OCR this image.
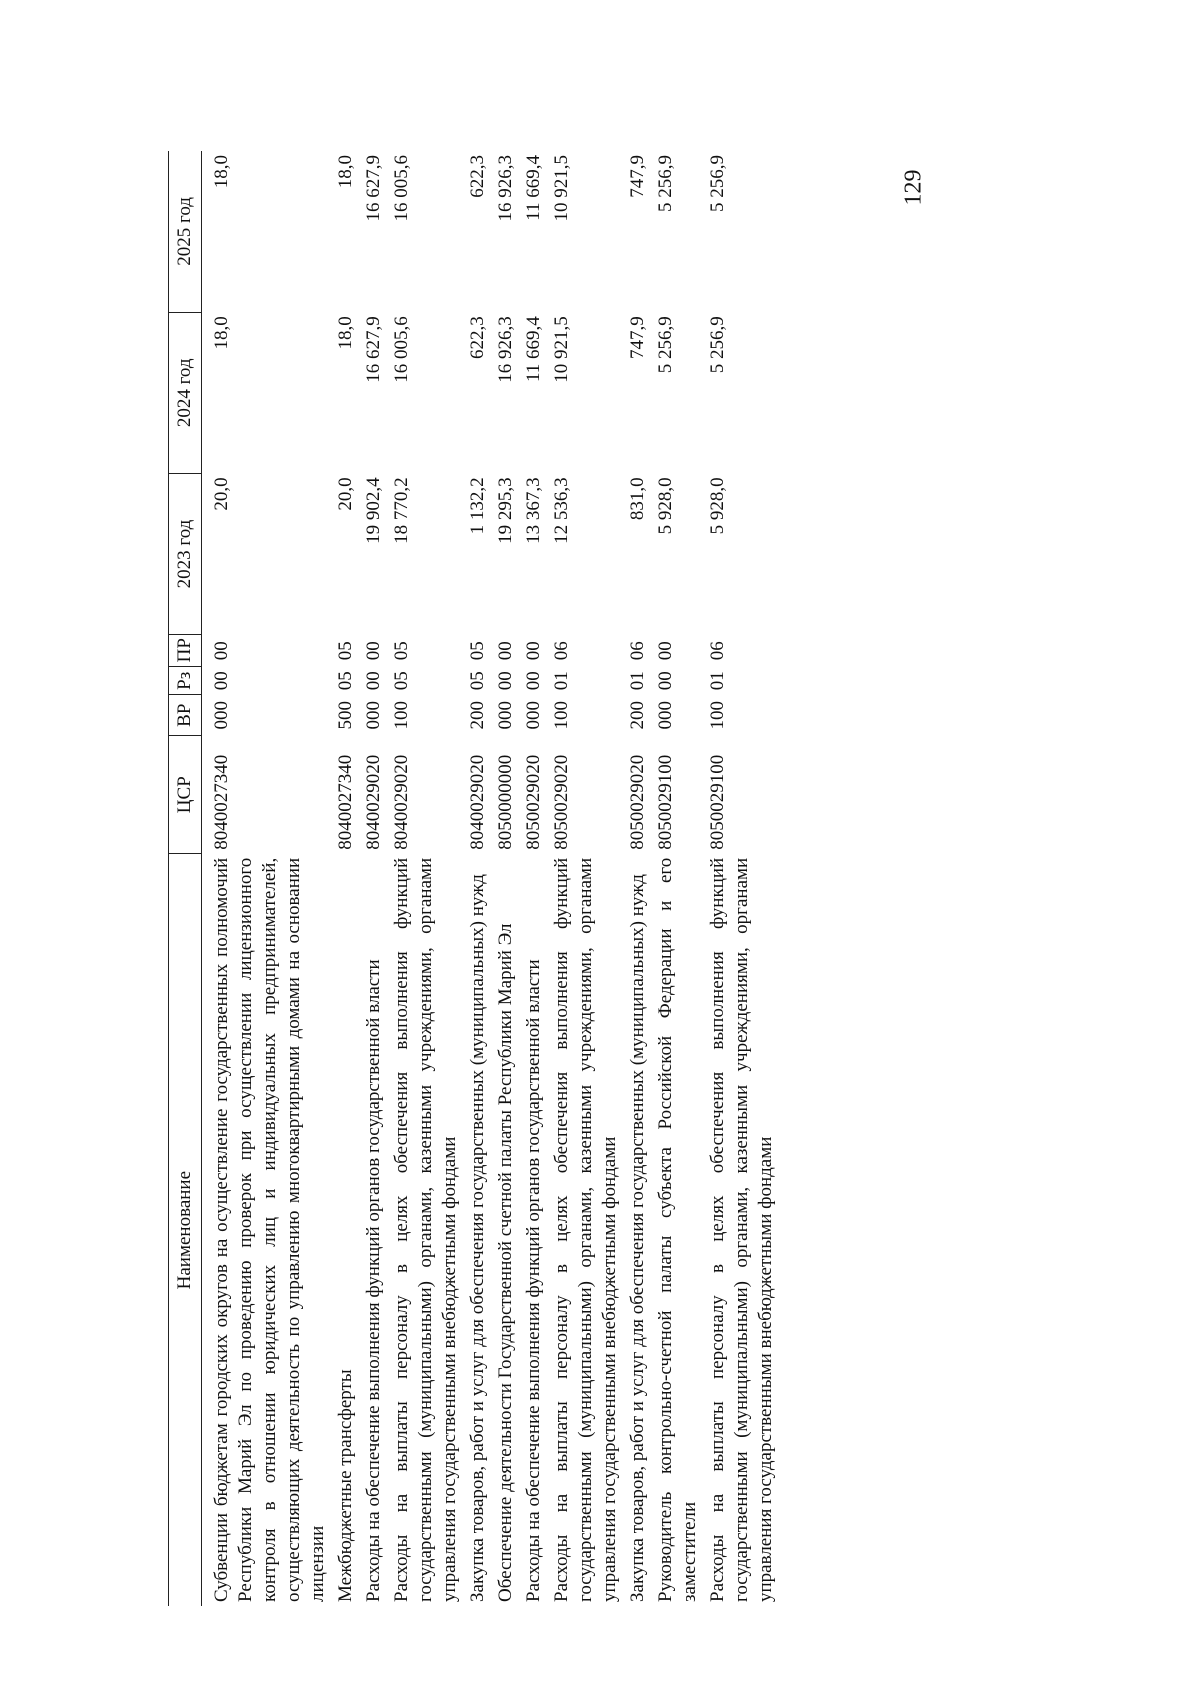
129
Наименование	ЦСР	ВР	Рз	ПР	2023 год	2024 год	2025 год

Субвенции бюджетам городских округов на осуществление государственных полномочий Республики Марий Эл по проведению проверок при осуществлении лицензионного контроля в отношении юридических лиц и индивидуальных предпринимателей, осуществляющих деятельность по управлению многоквартирными домами на основании лицензии	8040027340	000	00	00	20,0	18,0	18,0
Межбюджетные трансферты	8040027340	500	05	05	20,0	18,0	18,0
Расходы на обеспечение выполнения функций органов государственной власти	8040029020	000	00	00	19 902,4	16 627,9	16 627,9
Расходы на выплаты персоналу в целях обеспечения выполнения функций государственными (муниципальными) органами, казенными учреждениями, органами управления государственными внебюджетными фондами	8040029020	100	05	05	18 770,2	16 005,6	16 005,6
Закупка товаров, работ и услуг для обеспечения государственных (муниципальных) нужд	8040029020	200	05	05	1 132,2	622,3	622,3
Обеспечение деятельности Государственной счетной палаты Республики Марий Эл	8050000000	000	00	00	19 295,3	16 926,3	16 926,3
Расходы на обеспечение выполнения функций органов государственной власти	8050029020	000	00	00	13 367,3	11 669,4	11 669,4
Расходы на выплаты персоналу в целях обеспечения выполнения функций государственными (муниципальными) органами, казенными учреждениями, органами управления государственными внебюджетными фондами	8050029020	100	01	06	12 536,3	10 921,5	10 921,5
Закупка товаров, работ и услуг для обеспечения государственных (муниципальных) нужд	8050029020	200	01	06	831,0	747,9	747,9
Руководитель контрольно-счетной палаты субъекта Российской Федерации и его заместители	8050029100	000	00	00	5 928,0	5 256,9	5 256,9
Расходы на выплаты персоналу в целях обеспечения выполнения функций государственными (муниципальными) органами, казенными учреждениями, органами управления государственными внебюджетными фондами	8050029100	100	01	06	5 928,0	5 256,9	5 256,9
